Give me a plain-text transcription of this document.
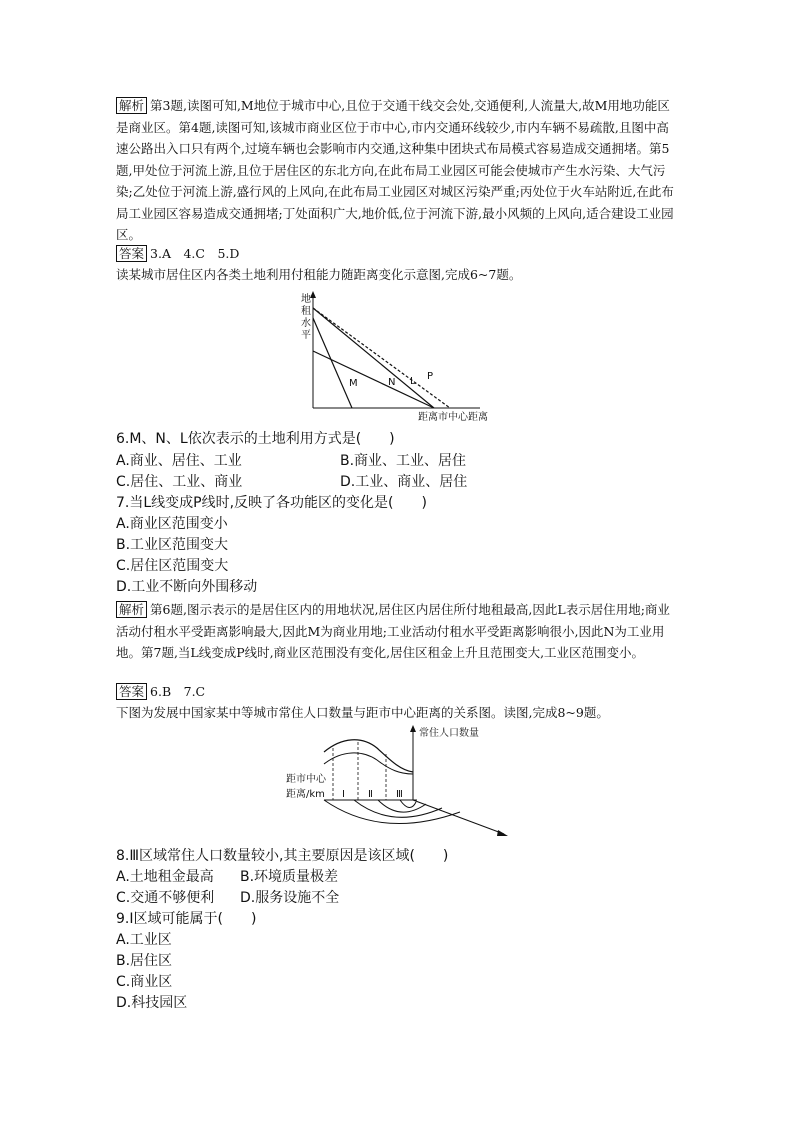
解析 第3题,读图可知,M地位于城市中心,且位于交通干线交会处,交通便利,人流量大,故M用地功能区是商业区。第4题,读图可知,该城市商业区位于市中心,市内交通环线较少,市内车辆不易疏散,且图中高速公路出入口只有两个,过境车辆也会影响市内交通,这种集中团块式布局模式容易造成交通拥堵。第5题,甲处位于河流上游,且位于居住区的东北方向,在此布局工业园区可能会使城市产生水污染、大气污染;乙处位于河流上游,盛行风的上风向,在此布局工业园区对城区污染严重;丙处位于火车站附近,在此布局工业园区容易造成交通拥堵;丁处面积广大,地价低,位于河流下游,最小风频的上风向,适合建设工业园区。
答案 3.A　4.C　5.D
读某城市居住区内各类土地利用付租能力随距离变化示意图,完成6~7题。
地
租
水
平
M	N L P
距离市中心距离
6.M、N、L依次表示的土地利用方式是(　　)
A.商业、居住、工业	B.商业、工业、居住
C.居住、工业、商业	D.工业、商业、居住
7.当L线变成P线时,反映了各功能区的变化是(　　)
A.商业区范围变小
B.工业区范围变大
C.居住区范围变大
D.工业不断向外围移动
解析 第6题,图示表示的是居住区内的用地状况,居住区内居住所付地租最高,因此L表示居住用地;商业活动付租水平受距离影响最大,因此M为商业用地;工业活动付租水平受距离影响很小,因此N为工业用地。第7题,当L线变成P线时,商业区范围没有变化,居住区租金上升且范围变大,工业区范围变小。
答案 6.B　7.C
下图为发展中国家某中等城市常住人口数量与距市中心距离的关系图。读图,完成8~9题。
常住人口数量
距市中心
距离/km Ⅰ Ⅱ Ⅲ
8.Ⅲ区域常住人口数量较小,其主要原因是该区域(　　)
A.土地租金最高 B.环境质量极差
C.交通不够便利 D.服务设施不全
9.Ⅰ区域可能属于(　　)
A.工业区
B.居住区
C.商业区
D.科技园区
